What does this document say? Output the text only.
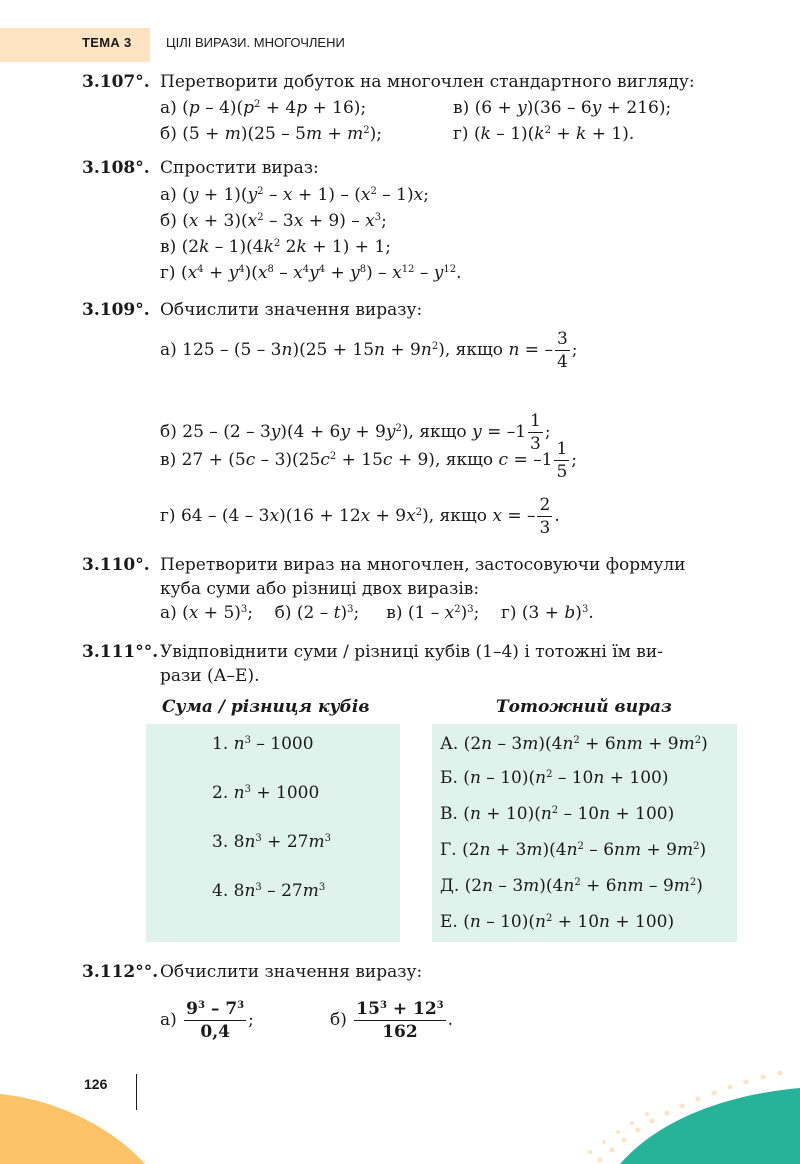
ТЕМА 3	ЦІЛІ ВИРАЗИ. МНОГОЧЛЕНИ
3.107°. Перетворити добуток на многочлен стандартного вигляду:
а) $(p - 4)(p^2 + 4p + 16)$;	в) (6 + y)(36 – 6y + 216);
б) $(5 + m)(25 - 5m + m^2)$;	г) $(k - 1)(k^2 + k + 1)$.
3.108°. Спростити вираз:
а) $(y + 1)(y^2 - x + 1) - (x^2 - 1)x$;
б) $(x + 3)(x^2 - 3x + 9) - x^3$;
в) $(2k - 1)(4k^2$ 2k + 1) + 1;
г) $(x^4 + y^4)(x^8 - x^4y^4 + y^8) - x^{12} - y^{12}$.
3.109°. Обчислити значення виразу:
а) $125 - (5 - 3n)(25 + 15n + 9n^2)$, якщо n = – $\frac{3}{4}$ ;
б) $25 - (2 - 3y)(4 + 6y + 9y^2)$, якщо $y = -1 \frac{1}{3}$ ;
в) $27 + (5c - 3)(25c^2 + 15c + 9)$, якщо $c = -1 \frac{1}{5}$ ;
г) $64 - (4 - 3x)(16 + 12x + 9x^2)$, якщо x = – $\frac{2}{3}$ .
3.110°. Перетворити вираз на многочлен, застосовуючи формули
куба суми або різниці двох виразів:
а) $(x + 5)^3$;    б) (2 – t)$^3$;     в) $(1 - x^2)^3$;    г) $(3 + b)^3$.
3.111°°. Увідповіднити суми / різниці кубів (1–4) і тотожні їм ви-
рази (А–Е).
Сума / різниця кубів	Тотожний вираз
1. $n^3 - 1000$
2. $n^3 + 1000$
3. $8n^3 + 27m^3$
4. $8n^3 - 27m^3$
А. $(2n - 3m)(4n^2 + 6nm + 9m^2)$
Б. $(n - 10)(n^2 - 10n + 100)$
В. $(n + 10)(n^2 - 10n + 100)$
Г. $(2n + 3m)(4n^2 - 6nm + 9m^2)$
Д. $(2n - 3m)(4n^2 + 6nm - 9m^2)$
Е. $(n - 10)(n^2 + 10n + 100)$
3.112°°. Обчислити значення виразу:
$а) \frac{9^3 - 7^3}{0,4}$ ;	$б) \frac{15^3 + 12^3}{162}$ .
126
